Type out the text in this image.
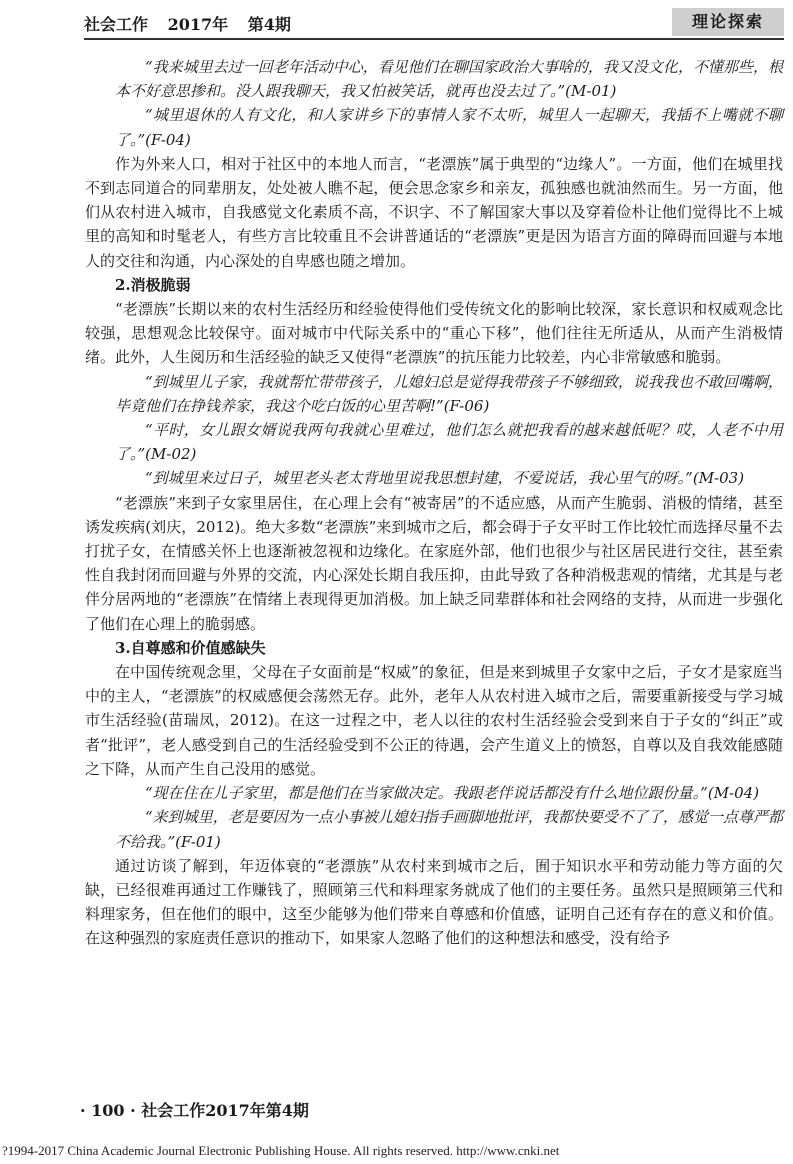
社会工作 2017年 第4期	理论探索

“我来城里去过一回老年活动中心，看见他们在聊国家政治大事啥的，我又没文化，不懂那些，根本不好意思掺和。没人跟我聊天，我又怕被笑话，就再也没去过了。”(M-01)

“城里退休的人有文化，和人家讲乡下的事情人家不太听，城里人一起聊天，我插不上嘴就不聊了。”(F-04)

作为外来人口，相对于社区中的本地人而言，“老漂族”属于典型的“边缘人”。一方面，他们在城里找不到志同道合的同辈朋友，处处被人瞧不起，便会思念家乡和亲友，孤独感也就油然而生。另一方面，他们从农村进入城市，自我感觉文化素质不高，不识字、不了解国家大事以及穿着俭朴让他们觉得比不上城里的高知和时髦老人，有些方言比较重且不会讲普通话的“老漂族”更是因为语言方面的障碍而回避与本地人的交往和沟通，内心深处的自卑感也随之增加。

2.消极脆弱

“老漂族”长期以来的农村生活经历和经验使得他们受传统文化的影响比较深，家长意识和权威观念比较强，思想观念比较保守。面对城市中代际关系中的“重心下移”，他们往往无所适从，从而产生消极情绪。此外，人生阅历和生活经验的缺乏又使得“老漂族”的抗压能力比较差，内心非常敏感和脆弱。

“到城里儿子家，我就帮忙带带孩子，儿媳妇总是觉得我带孩子不够细致，说我我也不敢回嘴啊，毕竟他们在挣钱养家，我这个吃白饭的心里苦啊!”(F-06)

“平时，女儿跟女婿说我两句我就心里难过，他们怎么就把我看的越来越低呢？哎，人老不中用了。”(M-02)

“到城里来过日子，城里老头老太背地里说我思想封建，不爱说话，我心里气的呀。”(M-03)

“老漂族”来到子女家里居住，在心理上会有“被寄居”的不适应感，从而产生脆弱、消极的情绪，甚至诱发疾病(刘庆，2012)。绝大多数“老漂族”来到城市之后，都会碍于子女平时工作比较忙而选择尽量不去打扰子女，在情感关怀上也逐渐被忽视和边缘化。在家庭外部，他们也很少与社区居民进行交往，甚至索性自我封闭而回避与外界的交流，内心深处长期自我压抑，由此导致了各种消极悲观的情绪，尤其是与老伴分居两地的“老漂族”在情绪上表现得更加消极。加上缺乏同辈群体和社会网络的支持，从而进一步强化了他们在心理上的脆弱感。

3.自尊感和价值感缺失

在中国传统观念里，父母在子女面前是“权威”的象征，但是来到城里子女家中之后，子女才是家庭当中的主人，“老漂族”的权威感便会荡然无存。此外，老年人从农村进入城市之后，需要重新接受与学习城市生活经验(苗瑞凤，2012)。在这一过程之中，老人以往的农村生活经验会受到来自于子女的“纠正”或者“批评”，老人感受到自己的生活经验受到不公正的待遇，会产生道义上的愤怒，自尊以及自我效能感随之下降，从而产生自己没用的感觉。

“现在住在儿子家里，都是他们在当家做决定。我跟老伴说话都没有什么地位跟份量。”(M-04)

“来到城里，老是要因为一点小事被儿媳妇指手画脚地批评，我都快要受不了了，感觉一点尊严都不给我。”(F-01)

通过访谈了解到，年迈体衰的“老漂族”从农村来到城市之后，囿于知识水平和劳动能力等方面的欠缺，已经很难再通过工作赚钱了，照顾第三代和料理家务就成了他们的主要任务。虽然只是照顾第三代和料理家务，但在他们的眼中，这至少能够为他们带来自尊感和价值感，证明自己还有存在的意义和价值。在这种强烈的家庭责任意识的推动下，如果家人忽略了他们的这种想法和感受，没有给予

· 100 · 社会工作2017年第4期
?1994-2017 China Academic Journal Electronic Publishing House. All rights reserved. http://www.cnki.net
